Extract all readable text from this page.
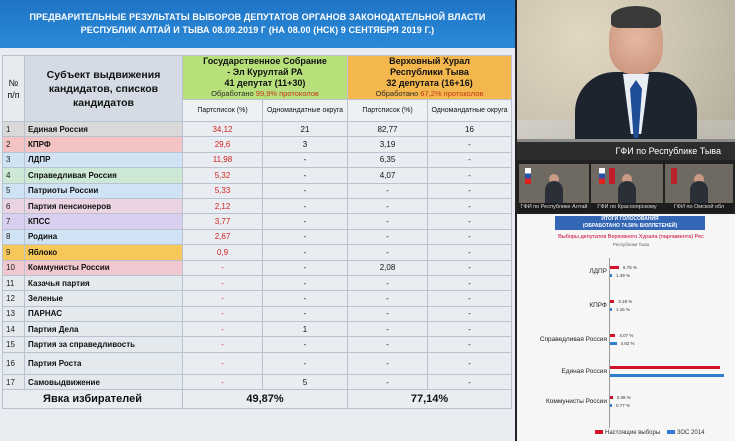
ПРЕДВАРИТЕЛЬНЫЕ РЕЗУЛЬТАТЫ ВЫБОРОВ ДЕПУТАТОВ ОРГАНОВ ЗАКОНОДАТЕЛЬНОЙ ВЛАСТИ
РЕСПУБЛИК АЛТАЙ И ТЫВА 08.09.2019 Г (НА 08.00 (НСК) 9 СЕНТЯБРЯ 2019 Г.)
№
п/п	Субъект выдвижения кандидатов, списков кандидатов	Государственное Собрание
- Эл Курултай РА
41 депутат (11+30)
Обработано 99,9% протоколов		Верховный Хурал
Республики Тыва
32 депутата (16+16)
Обработано 67,2% протоколов	

		Партсписок (%)	Одномандатные округа	Партсписок (%)	Одномандатные округа
1	Единая Россия	34,12	21	82,77	16
2	КПРФ	29,6	3	3,19	-
3	ЛДПР	11,98	-	6,35	-
4	Справедливая Россия	5,32	-	4,07	-
5	Патриоты России	5,33	-	-	-
6	Партия пенсионеров	2,12	-	-	-
7	КПСС	3,77	-	-	-
8	Родина	2,67	-	-	-
9	Яблоко	0,9	-	-	-
10	Коммунисты России	-	-	2,08	-
11	Казачья партия	-	-	-	-
12	Зеленые	-	-	-	-
13	ПАРНАС	-	-	-	-
14	Партия Дела	-	1	-	-
15	Партия за справедливость	-	-	-	-
16	Партия Роста	-	-	-	-
17	Самовыдвижение	-	5	-	-
Явка избирателей		49,87%		77,14%	
ГФИ по Республике Тыва
ГФИ по Республике Алтай	ГФИ по Красноярскому	ГФИ по Омской обл
ИТОГИ ГОЛОСОВАНИЯ
(ОБРАБОТАНО 74.58% БЮЛЛЕТЕНЕЙ)
Выборы депутатов Верховного Хурала (парламента) Рес
Республики Тыва
ЛДПР
6.75 %
1.49 %
КПРФ
3.19 %
1.16 %
Справедливая Россия
4.07 %
4.92 %
Единая Россия
Коммунисты России
2.08 %
0.77 %
Настоящие выборы	ЗОС 2014
